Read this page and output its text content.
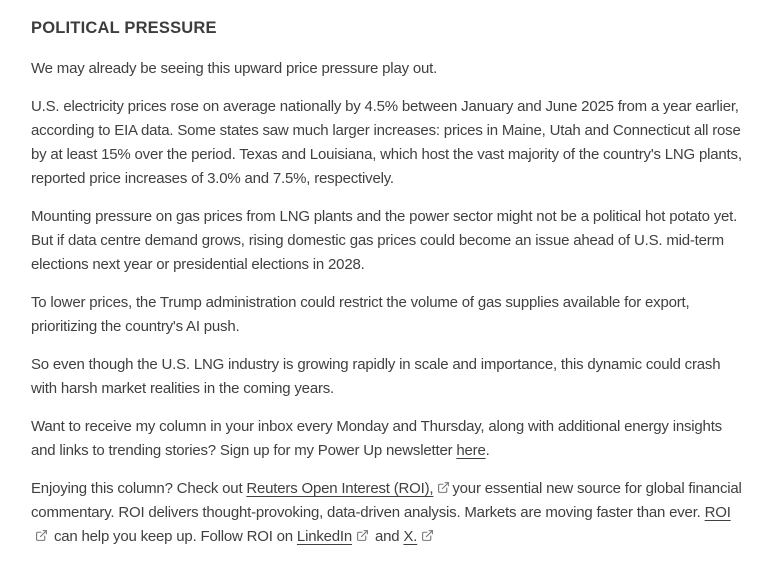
POLITICAL PRESSURE

We may already be seeing this upward price pressure play out.

U.S. electricity prices rose on average nationally by 4.5% between January and June 2025 from a year earlier, according to EIA data. Some states saw much larger increases: prices in Maine, Utah and Connecticut all rose by at least 15% over the period. Texas and Louisiana, which host the vast majority of the country's LNG plants, reported price increases of 3.0% and 7.5%, respectively.

Mounting pressure on gas prices from LNG plants and the power sector might not be a political hot potato yet. But if data centre demand grows, rising domestic gas prices could become an issue ahead of U.S. mid-term elections next year or presidential elections in 2028.

To lower prices, the Trump administration could restrict the volume of gas supplies available for export, prioritizing the country's AI push.

So even though the U.S. LNG industry is growing rapidly in scale and importance, this dynamic could crash with harsh market realities in the coming years.

Want to receive my column in your inbox every Monday and Thursday, along with additional energy insights and links to trending stories? Sign up for my Power Up newsletter here.

Enjoying this column? Check out Reuters Open Interest (ROI), your essential new source for global financial commentary. ROI delivers thought-provoking, data-driven analysis. Markets are moving faster than ever. ROI
can help you keep up. Follow ROI on LinkedIn and X.
